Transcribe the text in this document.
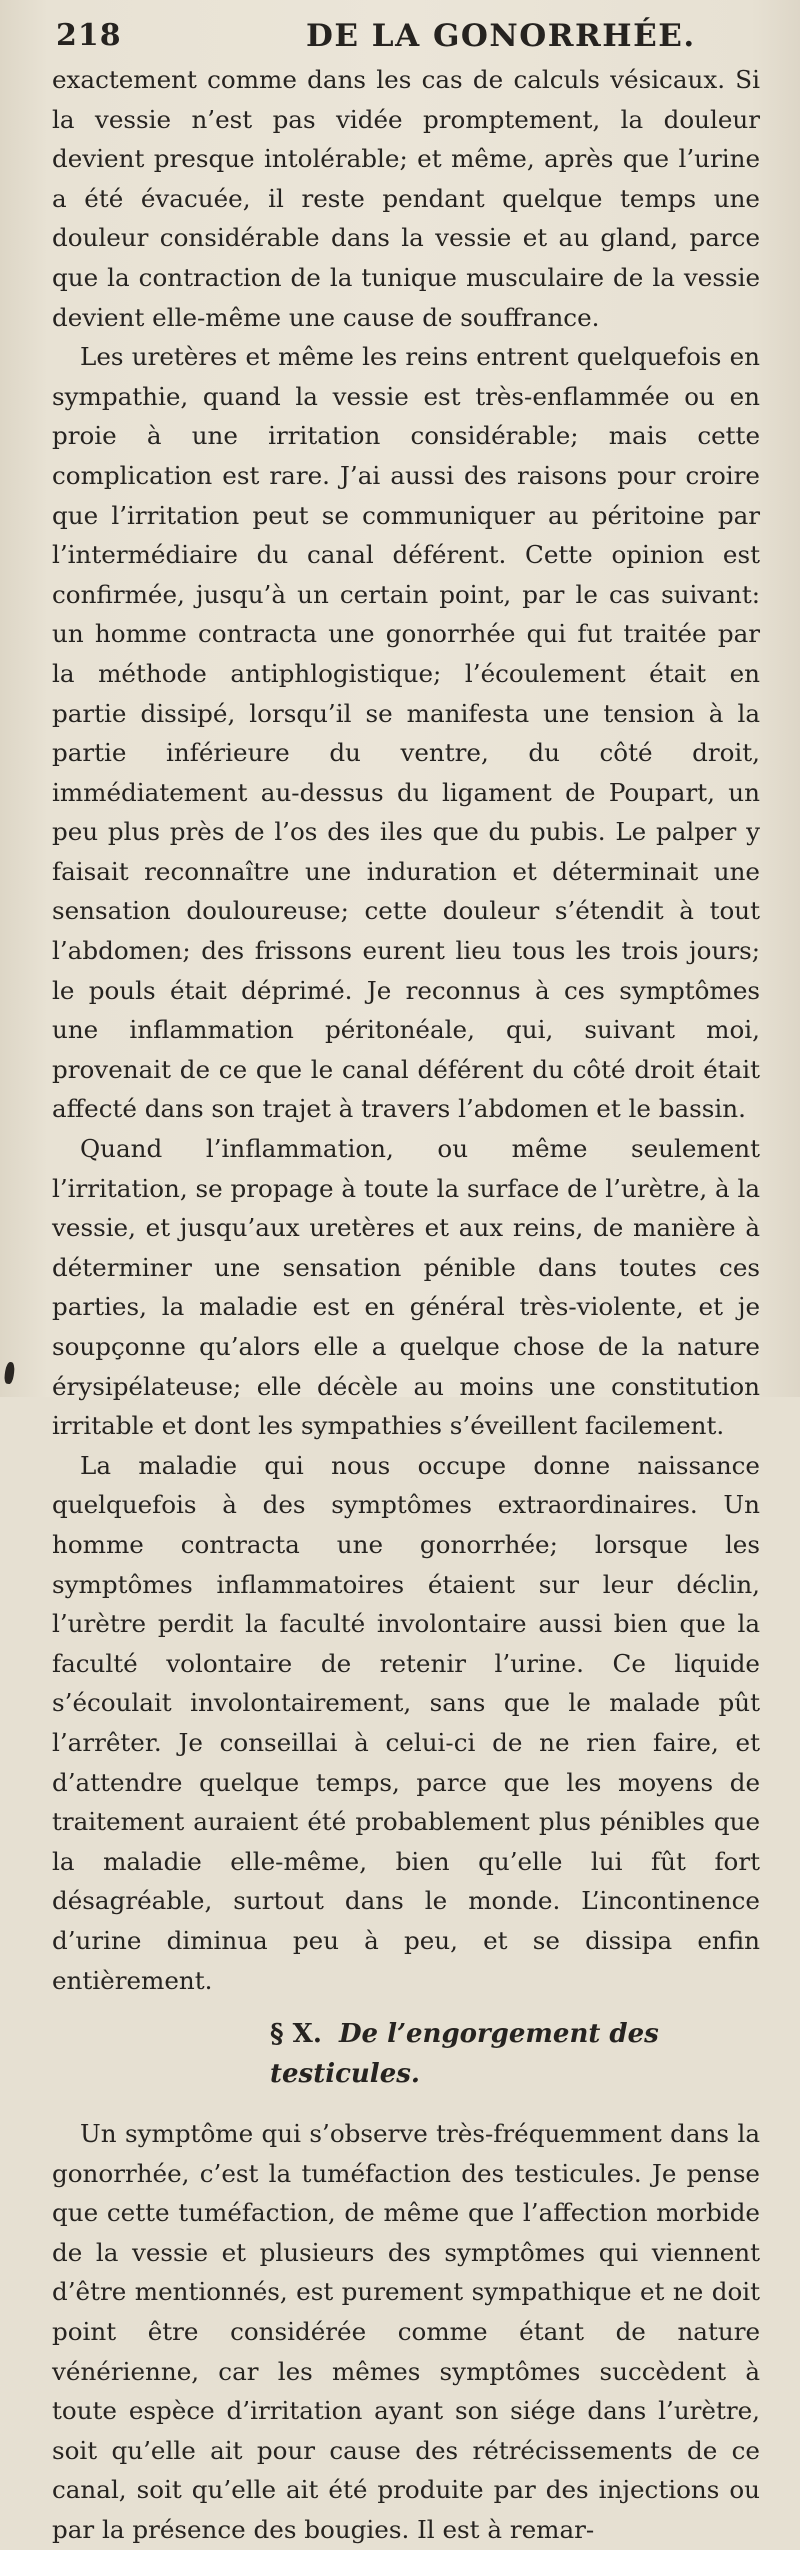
218	DE LA GONORRHÉE.

exactement comme dans les cas de calculs vésicaux. Si la vessie n’est pas vidée promptement, la douleur devient presque intolérable; et même, après que l’urine a été évacuée, il reste pendant quelque temps une douleur considérable dans la vessie et au gland, parce que la contraction de la tunique musculaire de la vessie devient elle-même une cause de souffrance.

Les uretères et même les reins entrent quelquefois en sympathie, quand la vessie est très-enflammée ou en proie à une irritation considérable; mais cette complication est rare. J’ai aussi des raisons pour croire que l’irritation peut se communiquer au péritoine par l’intermédiaire du canal déférent. Cette opinion est confirmée, jusqu’à un certain point, par le cas suivant: un homme contracta une gonorrhée qui fut traitée par la méthode antiphlogistique; l’écoulement était en partie dissipé, lorsqu’il se manifesta une tension à la partie inférieure du ventre, du côté droit, immédiatement au-dessus du ligament de Poupart, un peu plus près de l’os des iles que du pubis. Le palper y faisait reconnaître une induration et déterminait une sensation douloureuse; cette douleur s’étendit à tout l’abdomen; des frissons eurent lieu tous les trois jours; le pouls était déprimé. Je reconnus à ces symptômes une inflammation péritonéale, qui, suivant moi, provenait de ce que le canal déférent du côté droit était affecté dans son trajet à travers l’abdomen et le bassin.

Quand l’inflammation, ou même seulement l’irritation, se propage à toute la surface de l’urètre, à la vessie, et jusqu’aux uretères et aux reins, de manière à déterminer une sensation pénible dans toutes ces parties, la maladie est en général très-violente, et je soupçonne qu’alors elle a quelque chose de la nature érysipélateuse; elle décèle au moins une constitution irritable et dont les sympathies s’éveillent facilement.

La maladie qui nous occupe donne naissance quelquefois à des symptômes extraordinaires. Un homme contracta une gonorrhée; lorsque les symptômes inflammatoires étaient sur leur déclin, l’urètre perdit la faculté involontaire aussi bien que la faculté volontaire de retenir l’urine. Ce liquide s’écoulait involontairement, sans que le malade pût l’arrêter. Je conseillai à celui-ci de ne rien faire, et d’attendre quelque temps, parce que les moyens de traitement auraient été probablement plus pénibles que la maladie elle-même, bien qu’elle lui fût fort désagréable, surtout dans le monde. L’incontinence d’urine diminua peu à peu, et se dissipa enfin entièrement.

§ X. De l’engorgement des testicules.

Un symptôme qui s’observe très-fréquemment dans la gonorrhée, c’est la tuméfaction des testicules. Je pense que cette tuméfaction, de même que l’affection morbide de la vessie et plusieurs des symptômes qui viennent d’être mentionnés, est purement sympathique et ne doit point être considérée comme étant de nature vénérienne, car les mêmes symptômes succèdent à toute espèce d’irritation ayant son siége dans l’urètre, soit qu’elle ait pour cause des rétrécissements de ce canal, soit qu’elle ait été produite par des injections ou par la présence des bougies. Il est à remar-
